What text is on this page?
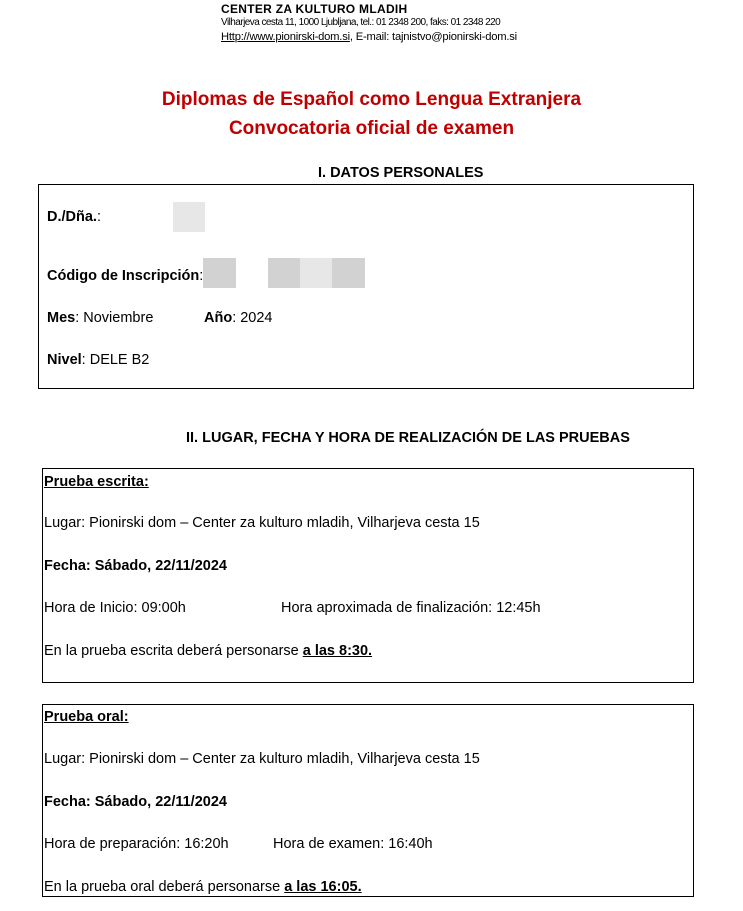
CENTER ZA KULTURO MLADIH
Vilharjeva cesta 11, 1000 Ljubljana, tel.: 01 2348 200, faks: 01 2348 220
Http://www.pionirski-dom.si, E-mail: tajnistvo@pionirski-dom.si
Diplomas de Español como Lengua Extranjera
Convocatoria oficial de examen
I. DATOS PERSONALES
D./Dña.:
Código de Inscripción:
Mes: Noviembre	Año: 2024
Nivel: DELE B2
II. LUGAR, FECHA Y HORA DE REALIZACIÓN DE LAS PRUEBAS
Prueba escrita:
Lugar: Pionirski dom – Center za kulturo mladih, Vilharjeva cesta 15
Fecha: Sábado, 22/11/2024
Hora de Inicio: 09:00h	Hora aproximada de finalización: 12:45h
En la prueba escrita deberá personarse a las 8:30.
Prueba oral:
Lugar: Pionirski dom – Center za kulturo mladih, Vilharjeva cesta 15
Fecha: Sábado, 22/11/2024
Hora de preparación: 16:20h	Hora de examen: 16:40h
En la prueba oral deberá personarse a las 16:05.
